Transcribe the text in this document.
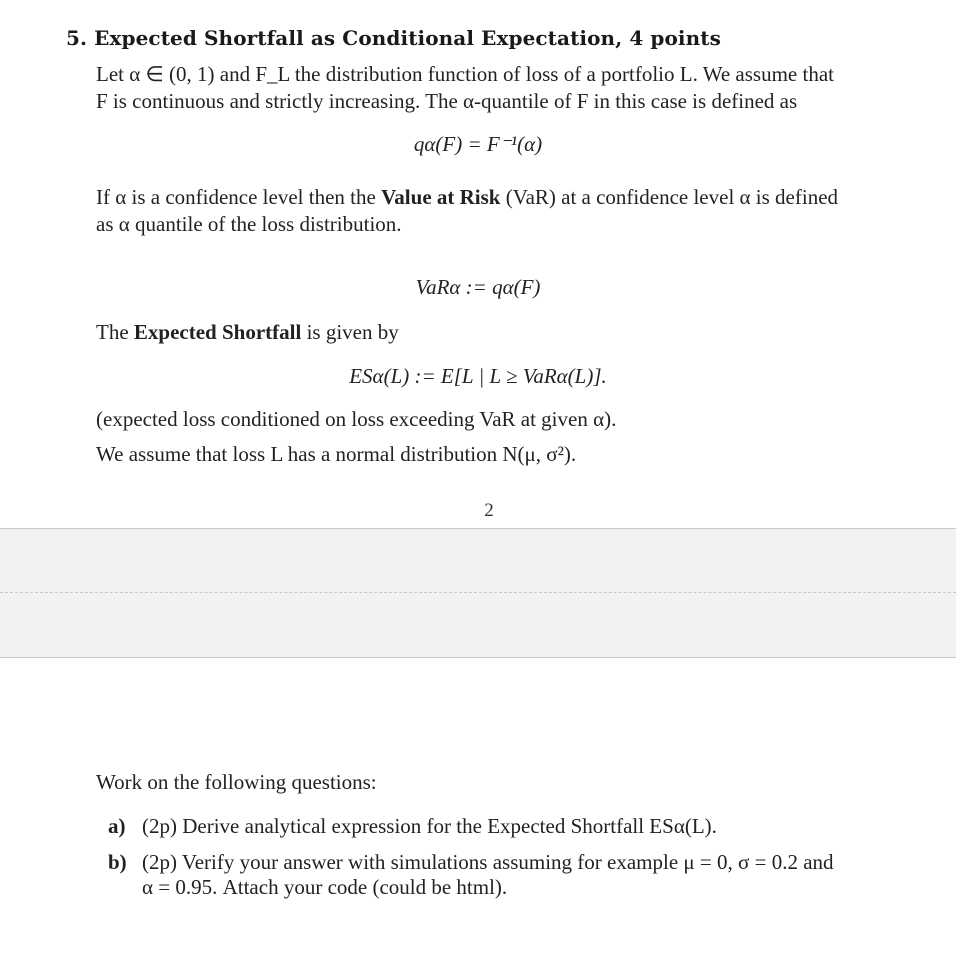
5. Expected Shortfall as Conditional Expectation, 4 points
Let α ∈ (0, 1) and F_L the distribution function of loss of a portfolio L. We assume that
F is continuous and strictly increasing. The α-quantile of F in this case is defined as
qα(F) = F⁻¹(α)
If α is a confidence level then the Value at Risk (VaR) at a confidence level α is defined
as α quantile of the loss distribution.
VaRα := qα(F)
The Expected Shortfall is given by
ESα(L) := E[L | L ≥ VaRα(L)].
(expected loss conditioned on loss exceeding VaR at given α).
We assume that loss L has a normal distribution N(μ, σ²).
2
Work on the following questions:
a) (2p) Derive analytical expression for the Expected Shortfall ESα(L).
b) (2p) Verify your answer with simulations assuming for example μ = 0, σ = 0.2 and
α = 0.95. Attach your code (could be html).
